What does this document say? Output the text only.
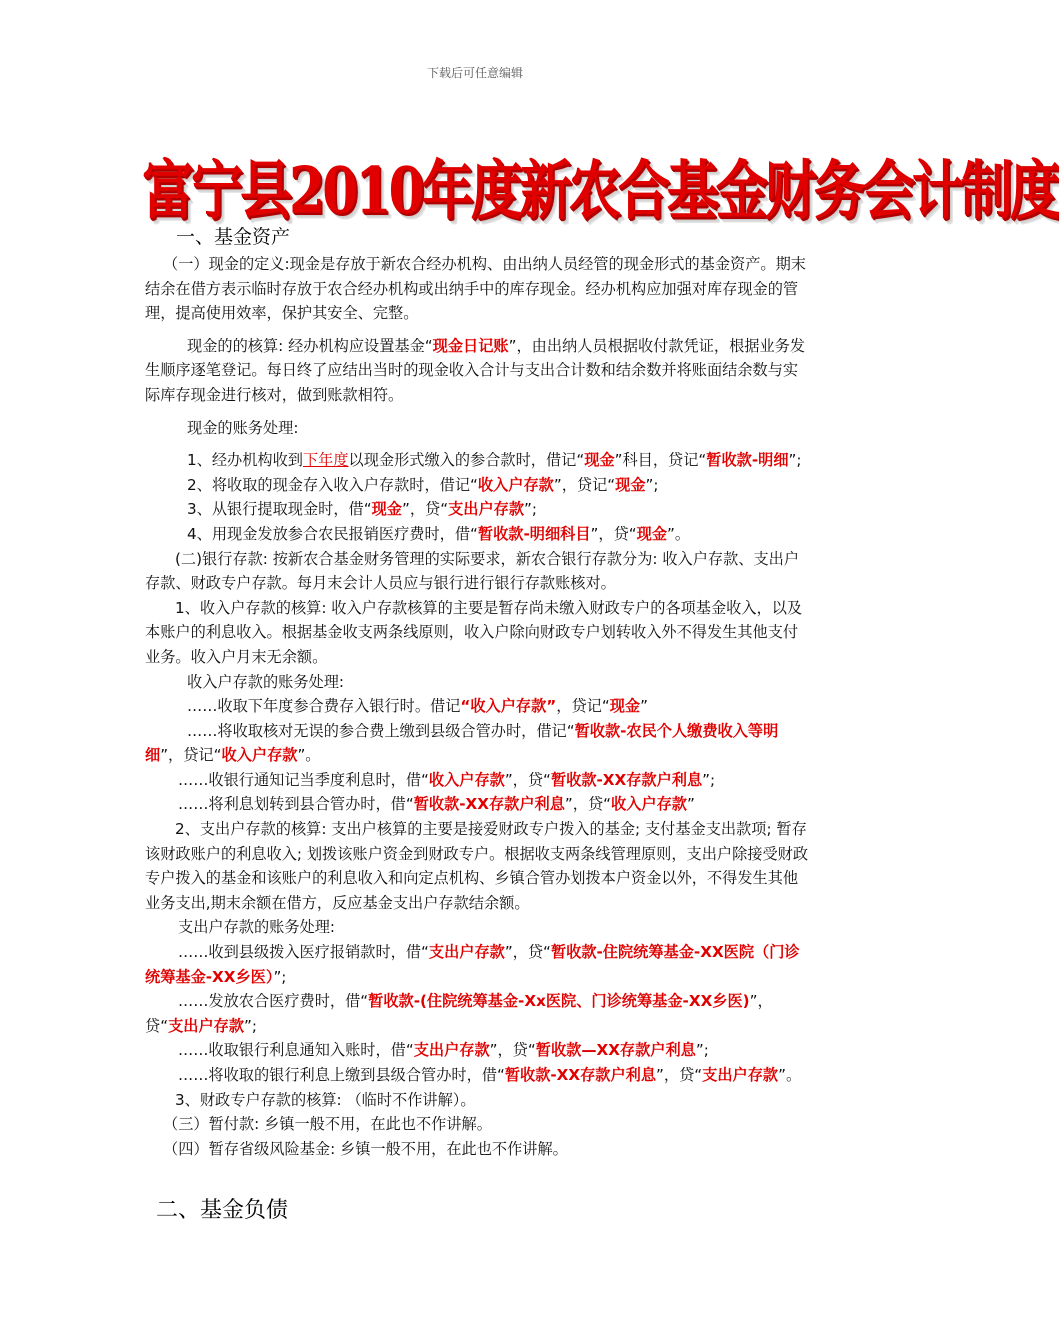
下载后可任意编辑
富宁县2010年度新农合基金财务会计制度
一、基金资产

（一）现金的定义:现金是存放于新农合经办机构、由出纳人员经管的现金形式的基金资产。期末结余在借方表示临时存放于农合经办机构或出纳手中的库存现金。经办机构应加强对库存现金的管理，提高使用效率，保护其安全、完整。

现金的的核算: 经办机构应设置基金“现金日记账”，由出纳人员根据收付款凭证，根据业务发生顺序逐笔登记。每日终了应结出当时的现金收入合计与支出合计数和结余数并将账面结余数与实际库存现金进行核对，做到账款相符。

现金的账务处理:

1、经办机构收到下年度以现金形式缴入的参合款时，借记“现金”科目，贷记“暂收款-明细”;

2、将收取的现金存入收入户存款时，借记“收入户存款”，贷记“现金”;

3、从银行提取现金时，借“现金”，贷“支出户存款”;

4、用现金发放参合农民报销医疗费时，借“暂收款-明细科目”，贷“现金”。

(二)银行存款: 按新农合基金财务管理的实际要求，新农合银行存款分为: 收入户存款、支出户存款、财政专户存款。每月末会计人员应与银行进行银行存款账核对。

1、收入户存款的核算: 收入户存款核算的主要是暂存尚未缴入财政专户的各项基金收入，以及本账户的利息收入。根据基金收支两条线原则，收入户除向财政专户划转收入外不得发生其他支付业务。收入户月末无余额。

收入户存款的账务处理:

……收取下年度参合费存入银行时。借记“收入户存款”，贷记“现金”

……将收取核对无误的参合费上缴到县级合管办时，借记“暂收款-农民个人缴费收入等明细”，贷记“收入户存款”。

……收银行通知记当季度利息时，借“收入户存款”，贷“暂收款-XX存款户利息”;

……将利息划转到县合管办时，借“暂收款-XX存款户利息”，贷“收入户存款”

2、支出户存款的核算: 支出户核算的主要是接爱财政专户拨入的基金; 支付基金支出款项; 暂存该财政账户的利息收入; 划拨该账户资金到财政专户。根据收支两条线管理原则，支出户除接受财政专户拨入的基金和该账户的利息收入和向定点机构、乡镇合管办划拨本户资金以外，不得发生其他业务支出,期末余额在借方，反应基金支出户存款结余额。

支出户存款的账务处理:

……收到县级拨入医疗报销款时，借“支出户存款”，贷“暂收款-住院统筹基金-XX医院（门诊统筹基金-XX乡医）”;

……发放农合医疗费时，借“暂收款-(住院统筹基金-Xx医院、门诊统筹基金-XX乡医)”，贷“支出户存款”;

……收取银行利息通知入账时，借“支出户存款”，贷“暂收款—XX存款户利息”;

……将收取的银行利息上缴到县级合管办时，借“暂收款-XX存款户利息”，贷“支出户存款”。

3、财政专户存款的核算: （临时不作讲解）。

（三）暂付款: 乡镇一般不用，在此也不作讲解。

（四）暂存省级风险基金: 乡镇一般不用，在此也不作讲解。

二、基金负债
